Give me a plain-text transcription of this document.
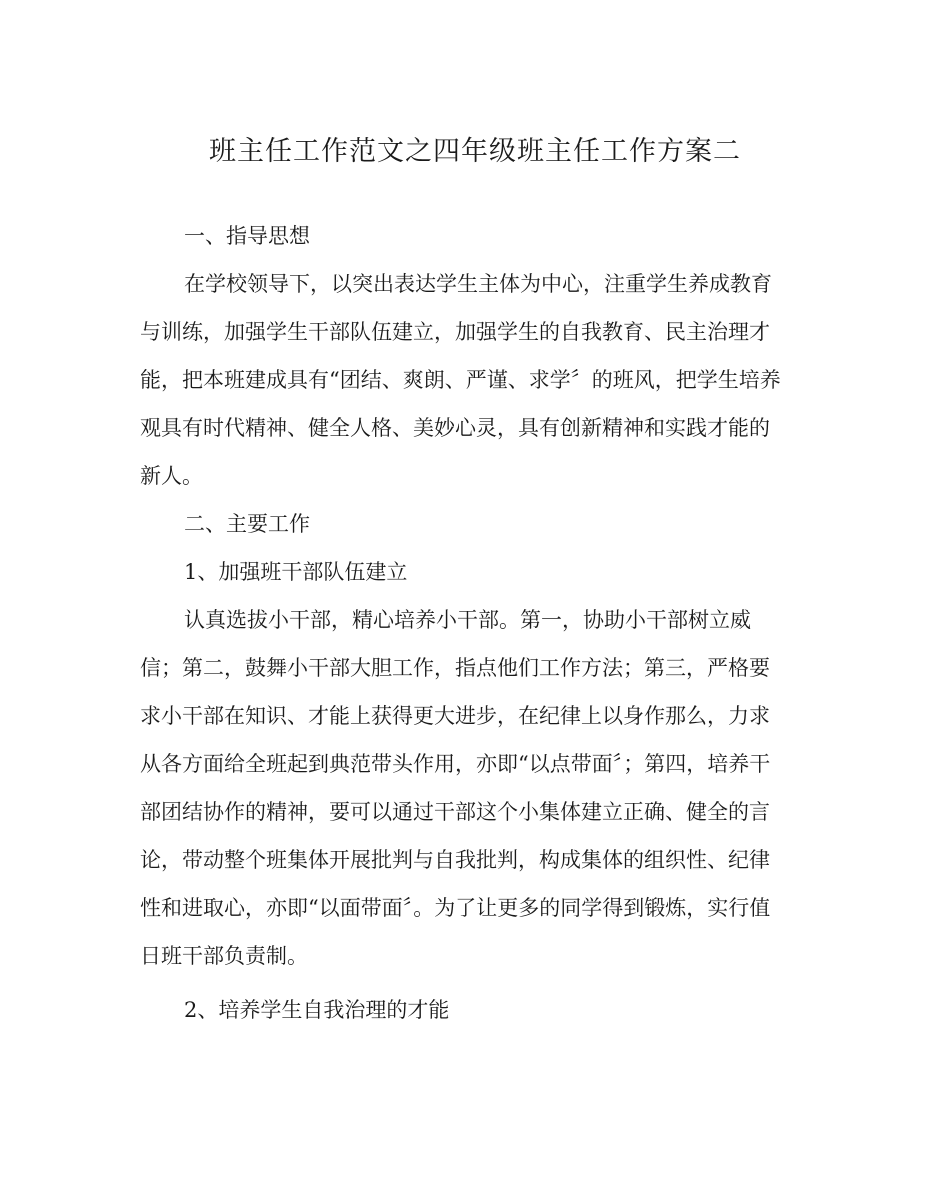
班主任工作范文之四年级班主任工作方案二

一、指导思想

在学校领导下，以突出表达学生主体为中心，注重学生养成教育

与训练，加强学生干部队伍建立，加强学生的自我教育、民主治理才

能，把本班建成具有“团结、爽朗、严谨、求学〞的班风，把学生培养

观具有时代精神、健全人格、美妙心灵，具有创新精神和实践才能的

新人。

二、主要工作

1、加强班干部队伍建立

认真选拔小干部，精心培养小干部。第一，协助小干部树立威

信；第二，鼓舞小干部大胆工作，指点他们工作方法；第三，严格要

求小干部在知识、才能上获得更大进步，在纪律上以身作那么，力求

从各方面给全班起到典范带头作用，亦即“以点带面〞；第四，培养干

部团结协作的精神，要可以通过干部这个小集体建立正确、健全的言

论，带动整个班集体开展批判与自我批判，构成集体的组织性、纪律

性和进取心，亦即“以面带面〞。为了让更多的同学得到锻炼，实行值

日班干部负责制。

2、培养学生自我治理的才能
